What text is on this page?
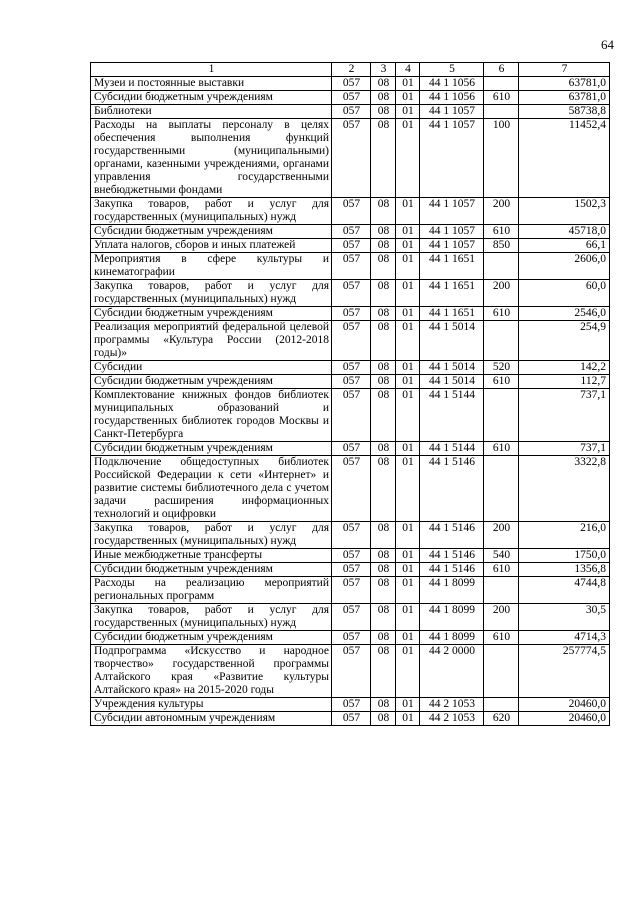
64
1	2	3	4	5	6	7
Музеи и постоянные выставки	057	08	01	44 1 1056		63781,0
Субсидии бюджетным учреждениям	057	08	01	44 1 1056	610	63781,0
Библиотеки	057	08	01	44 1 1057		58738,8
Расходы на выплаты персоналу в целях обеспечения выполнения функций государственными (муниципальными) органами, казенными учреждениями, органами управления государственными внебюджетными фондами	057	08	01	44 1 1057	100	11452,4
Закупка товаров, работ и услуг для государственных (муниципальных) нужд	057	08	01	44 1 1057	200	1502,3
Субсидии бюджетным учреждениям	057	08	01	44 1 1057	610	45718,0
Уплата налогов, сборов и иных платежей	057	08	01	44 1 1057	850	66,1
Мероприятия в сфере культуры и кинематографии	057	08	01	44 1 1651		2606,0
Закупка товаров, работ и услуг для государственных (муниципальных) нужд	057	08	01	44 1 1651	200	60,0
Субсидии бюджетным учреждениям	057	08	01	44 1 1651	610	2546,0
Реализация мероприятий федеральной целевой программы «Культура России (2012-2018 годы)»	057	08	01	44 1 5014		254,9
Субсидии	057	08	01	44 1 5014	520	142,2
Субсидии бюджетным учреждениям	057	08	01	44 1 5014	610	112,7
Комплектование книжных фондов библиотек муниципальных образований и государственных библиотек городов Москвы и Санкт-Петербурга	057	08	01	44 1 5144		737,1
Субсидии бюджетным учреждениям	057	08	01	44 1 5144	610	737,1
Подключение общедоступных библиотек Российской Федерации к сети «Интернет» и развитие системы библиотечного дела с учетом задачи расширения информационных технологий и оцифровки	057	08	01	44 1 5146		3322,8
Закупка товаров, работ и услуг для государственных (муниципальных) нужд	057	08	01	44 1 5146	200	216,0
Иные межбюджетные трансферты	057	08	01	44 1 5146	540	1750,0
Субсидии бюджетным учреждениям	057	08	01	44 1 5146	610	1356,8
Расходы на реализацию мероприятий региональных программ	057	08	01	44 1 8099		4744,8
Закупка товаров, работ и услуг для государственных (муниципальных) нужд	057	08	01	44 1 8099	200	30,5
Субсидии бюджетным учреждениям	057	08	01	44 1 8099	610	4714,3
Подпрограмма «Искусство и народное творчество» государственной программы Алтайского края «Развитие культуры Алтайского края» на 2015-2020 годы	057	08	01	44 2 0000		257774,5
Учреждения культуры	057	08	01	44 2 1053		20460,0
Субсидии автономным учреждениям	057	08	01	44 2 1053	620	20460,0
